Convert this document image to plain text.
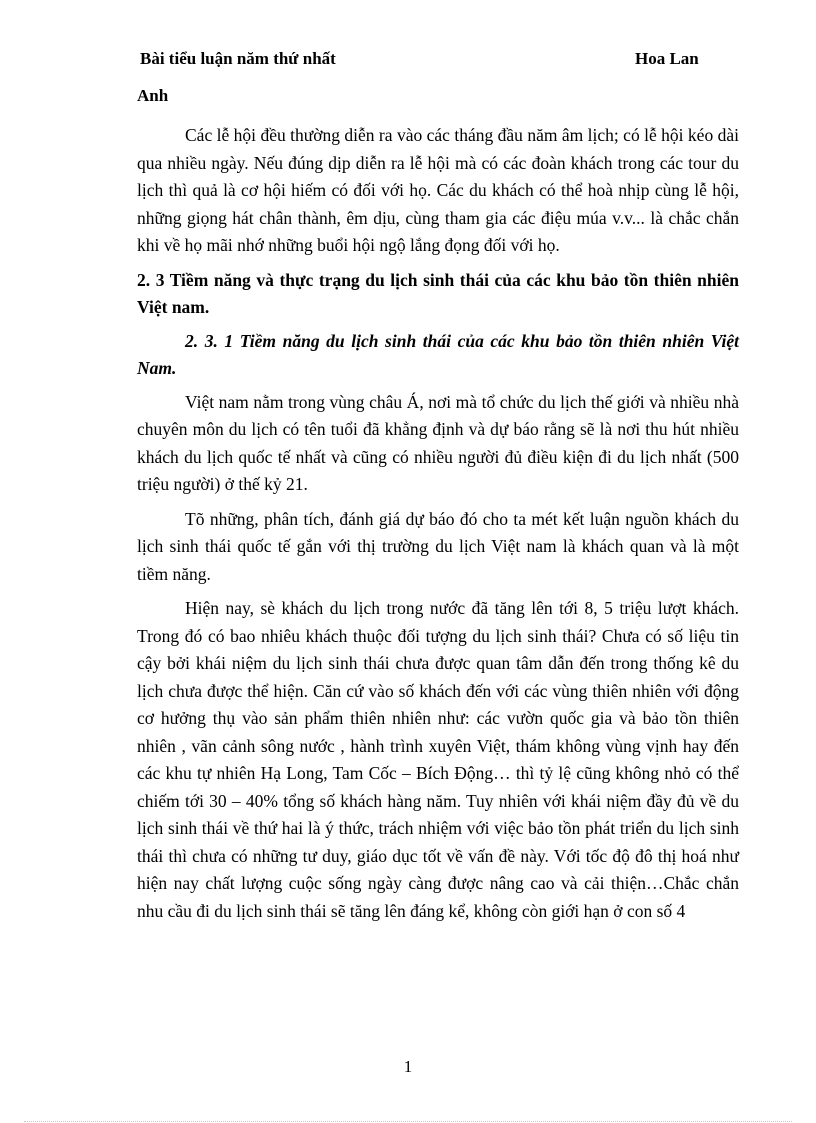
Bài tiểu luận năm thứ nhất	Hoa Lan
Anh

Các lễ hội đều thường diễn ra vào các tháng đầu năm âm lịch; có lễ hội kéo dài qua nhiều ngày. Nếu đúng dịp diễn ra lễ hội mà có các đoàn khách trong các tour du lịch thì quả là cơ hội hiếm có đối với họ. Các du khách có thể hoà nhịp cùng lễ hội, những giọng hát chân thành, êm dịu, cùng tham gia các điệu múa v.v... là chắc chắn khi về họ mãi nhớ những buổi hội ngộ lắng đọng đối với họ.

2. 3 Tiềm năng và thực trạng du lịch sinh thái của các khu bảo tồn thiên nhiên Việt nam.

2. 3. 1 Tiềm năng du lịch sinh thái của các khu bảo tồn thiên nhiên Việt Nam.

Việt nam nằm trong vùng châu Á, nơi mà tổ chức du lịch thế giới và nhiều nhà chuyên môn du lịch có tên tuổi đã khẳng định và dự báo rằng sẽ là nơi thu hút nhiều khách du lịch quốc tế nhất và cũng có nhiều người đủ điều kiện đi du lịch nhất (500 triệu người) ở thế kỷ 21.

Tõ những, phân tích, đánh giá dự báo đó cho ta mét kết luận nguồn khách du lịch sinh thái quốc tế gắn với thị trường du lịch Việt nam là khách quan và là một tiềm năng.

Hiện nay, sè khách du lịch trong nước đã tăng lên tới 8, 5 triệu lượt khách. Trong đó có bao nhiêu khách thuộc đối tượng du lịch sinh thái? Chưa có số liệu tin cậy bởi khái niệm du lịch sinh thái chưa được quan tâm dẫn đến trong thống kê du lịch chưa được thể hiện. Căn cứ vào số khách đến với các vùng thiên nhiên với động cơ hưởng thụ vào sản phẩm thiên nhiên như: các vườn quốc gia và bảo tồn thiên nhiên , vãn cảnh sông nước , hành trình xuyên Việt, thám không vùng vịnh hay đến các khu tự nhiên Hạ Long, Tam Cốc – Bích Động… thì tỷ lệ cũng không nhỏ có thể chiếm tới 30 – 40% tổng số khách hàng năm. Tuy nhiên với khái niệm đầy đủ về du lịch sinh thái về thứ hai là ý thức, trách nhiệm với việc bảo tồn phát triển du lịch sinh thái thì chưa có những tư duy, giáo dục tốt về vấn đề này. Với tốc độ đô thị hoá như hiện nay chất lượng cuộc sống ngày càng được nâng cao và cải thiện…Chắc chắn nhu cầu đi du lịch sinh thái sẽ tăng lên đáng kể, không còn giới hạn ở con số 4

1
